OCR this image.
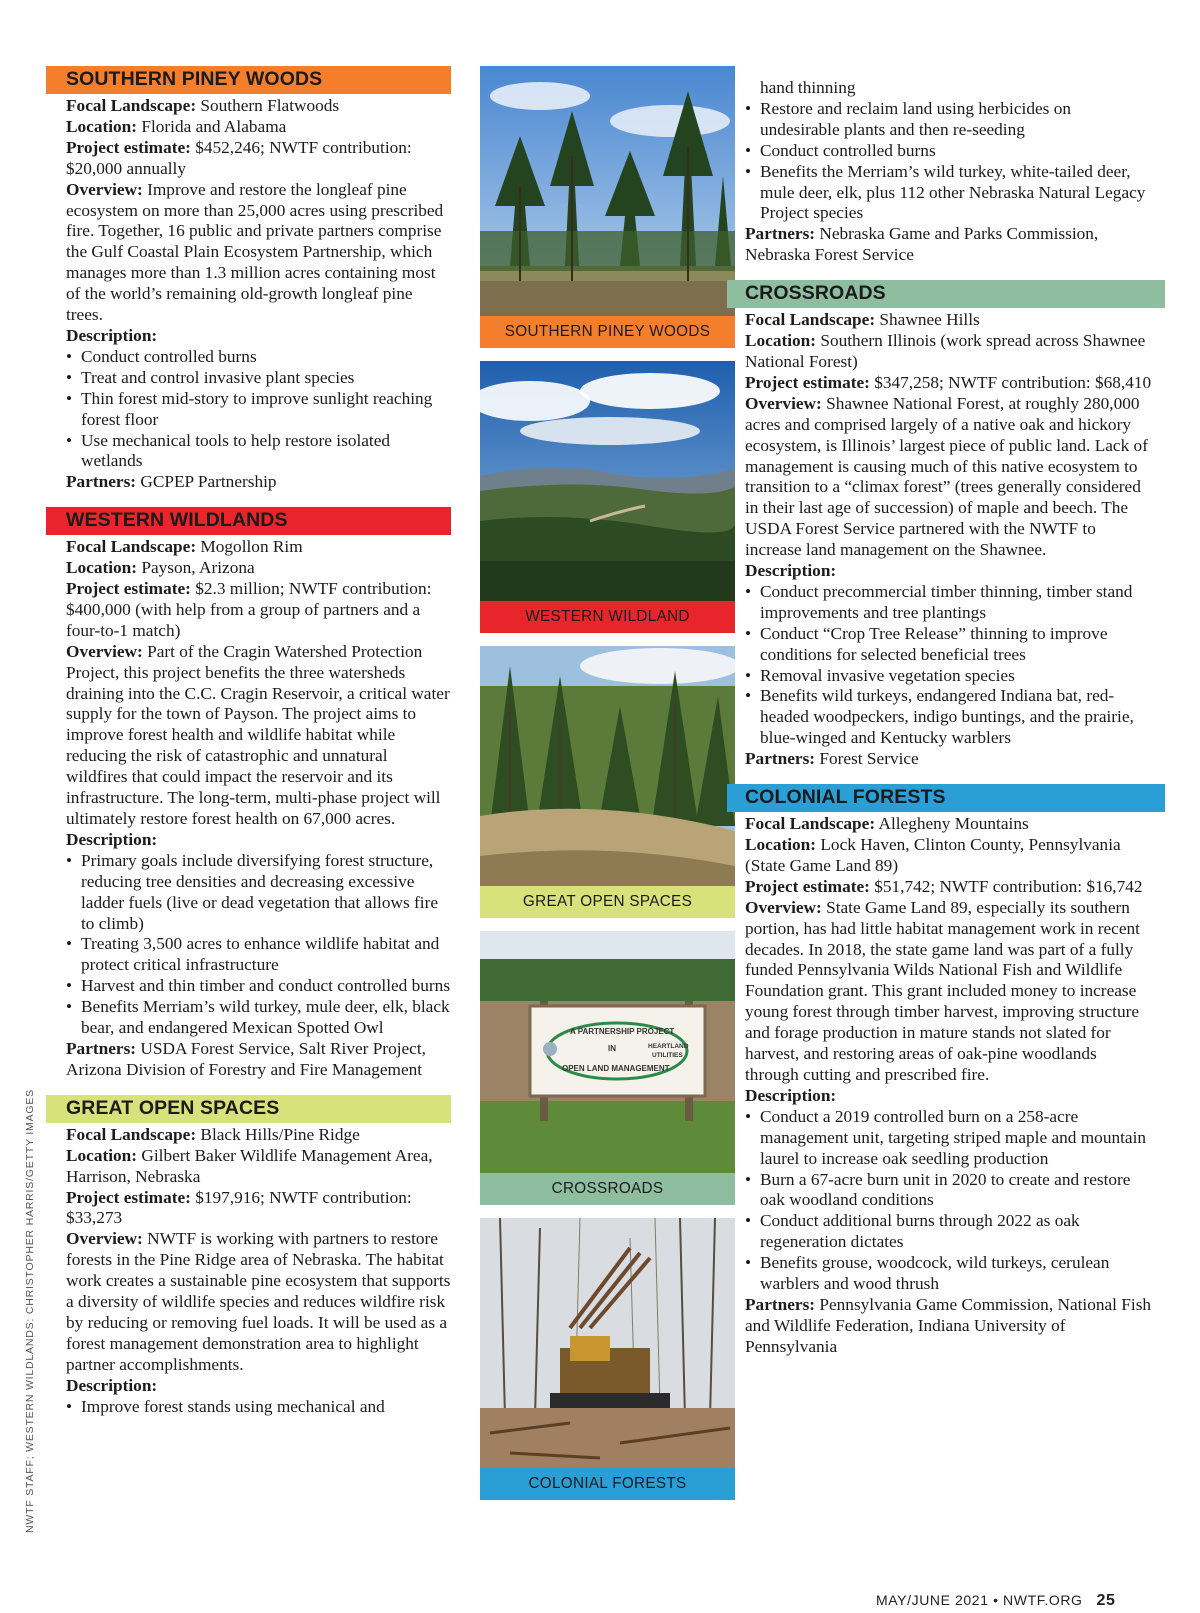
SOUTHERN PINEY WOODS

Focal Landscape: Southern Flatwoods

Location: Florida and Alabama

Project estimate: $452,246; NWTF contribution: $20,000 annually

Overview: Improve and restore the longleaf pine ecosystem on more than 25,000 acres using prescribed fire. Together, 16 public and private partners comprise the Gulf Coastal Plain Ecosystem Partnership, which manages more than 1.3 million acres containing most of the world’s remaining old-growth longleaf pine trees.

Description:

• Conduct controlled burns
• Treat and control invasive plant species
• Thin forest mid-story to improve sunlight reaching forest floor
• Use mechanical tools to help restore isolated wetlands

Partners: GCPEP Partnership

WESTERN WILDLANDS

Focal Landscape: Mogollon Rim

Location: Payson, Arizona

Project estimate: $2.3 million; NWTF contribution: $400,000 (with help from a group of partners and a four-to-1 match)

Overview: Part of the Cragin Watershed Protection Project, this project benefits the three watersheds draining into the C.C. Cragin Reservoir, a critical water supply for the town of Payson. The project aims to improve forest health and wildlife habitat while reducing the risk of catastrophic and unnatural wildfires that could impact the reservoir and its infrastructure. The long-term, multi-phase project will ultimately restore forest health on 67,000 acres.

Description:

• Primary goals include diversifying forest structure, reducing tree densities and decreasing excessive ladder fuels (live or dead vegetation that allows fire to climb)
• Treating 3,500 acres to enhance wildlife habitat and protect critical infrastructure
• Harvest and thin timber and conduct controlled burns
• Benefits Merriam’s wild turkey, mule deer, elk, black bear, and endangered Mexican Spotted Owl

Partners: USDA Forest Service, Salt River Project, Arizona Division of Forestry and Fire Management

GREAT OPEN SPACES

Focal Landscape: Black Hills/Pine Ridge

Location: Gilbert Baker Wildlife Management Area, Harrison, Nebraska

Project estimate: $197,916; NWTF contribution: $33,273

Overview: NWTF is working with partners to restore forests in the Pine Ridge area of Nebraska. The habitat work creates a sustainable pine ecosystem that supports a diversity of wildlife species and reduces wildfire risk by reducing or removing fuel loads. It will be used as a forest management demonstration area to highlight partner accomplishments.

Description:

• Improve forest stands using mechanical and
SOUTHERN PINEY WOODS
WESTERN WILDLAND
GREAT OPEN SPACES
A PARTNERSHIP PROJECT
IN
OPEN LAND MANAGEMENT
HEARTLAND
UTILITIES
CROSSROADS
COLONIAL FORESTS
hand thinning
• Restore and reclaim land using herbicides on undesirable plants and then re-seeding
• Conduct controlled burns
• Benefits the Merriam’s wild turkey, white-tailed deer, mule deer, elk, plus 112 other Nebraska Natural Legacy Project species

Partners: Nebraska Game and Parks Commission, Nebraska Forest Service

CROSSROADS

Focal Landscape: Shawnee Hills

Location: Southern Illinois (work spread across Shawnee National Forest)

Project estimate: $347,258; NWTF contribution: $68,410

Overview: Shawnee National Forest, at roughly 280,000 acres and comprised largely of a native oak and hickory ecosystem, is Illinois’ largest piece of public land. Lack of management is causing much of this native ecosystem to transition to a “climax forest” (trees generally considered in their last age of succession) of maple and beech. The USDA Forest Service partnered with the NWTF to increase land management on the Shawnee.

Description:

• Conduct precommercial timber thinning, timber stand improvements and tree plantings
• Conduct “Crop Tree Release” thinning to improve conditions for selected beneficial trees
• Removal invasive vegetation species
• Benefits wild turkeys, endangered Indiana bat, red-headed woodpeckers, indigo buntings, and the prairie, blue-winged and Kentucky warblers

Partners: Forest Service

COLONIAL FORESTS

Focal Landscape: Allegheny Mountains

Location: Lock Haven, Clinton County, Pennsylvania (State Game Land 89)

Project estimate: $51,742; NWTF contribution: $16,742

Overview: State Game Land 89, especially its southern portion, has had little habitat management work in recent decades. In 2018, the state game land was part of a fully funded Pennsylvania Wilds National Fish and Wildlife Foundation grant. This grant included money to increase young forest through timber harvest, improving structure and forage production in mature stands not slated for harvest, and restoring areas of oak-pine woodlands through cutting and prescribed fire.

Description:

• Conduct a 2019 controlled burn on a 258-acre management unit, targeting striped maple and mountain laurel to increase oak seedling production
• Burn a 67-acre burn unit in 2020 to create and restore oak woodland conditions
• Conduct additional burns through 2022 as oak regeneration dictates
• Benefits grouse, woodcock, wild turkeys, cerulean warblers and wood thrush

Partners: Pennsylvania Game Commission, National Fish and Wildlife Federation, Indiana University of Pennsylvania

NWTF STAFF; WESTERN WILDLANDS: CHRISTOPHER HARRIS/GETTY IMAGES
MAY/JUNE 2021 • NWTF.ORG 25
